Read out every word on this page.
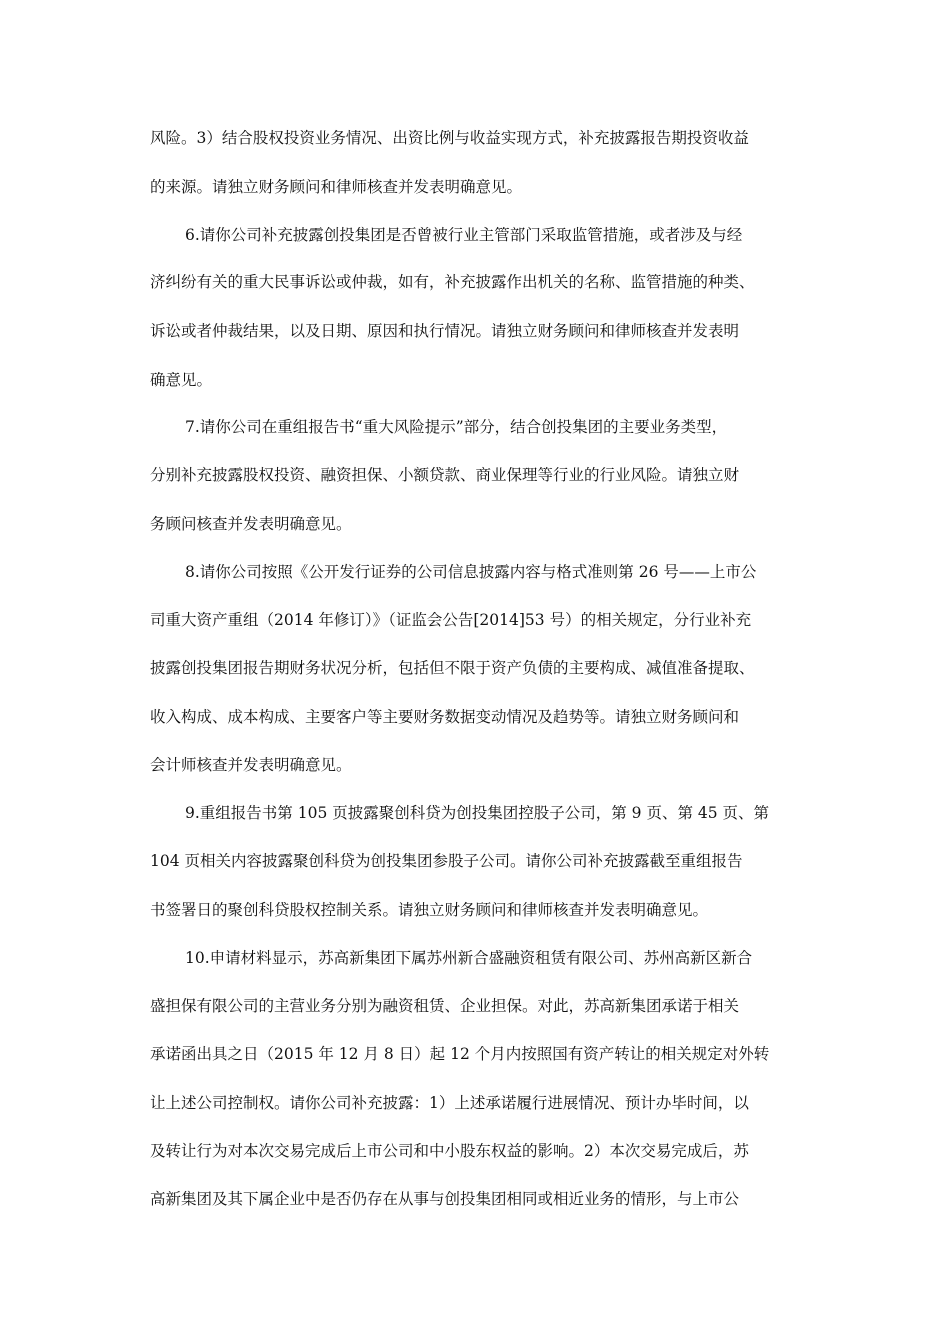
风险。3）结合股权投资业务情况、出资比例与收益实现方式，补充披露报告期投资收益
的来源。请独立财务顾问和律师核查并发表明确意见。
6.请你公司补充披露创投集团是否曾被行业主管部门采取监管措施，或者涉及与经
济纠纷有关的重大民事诉讼或仲裁，如有，补充披露作出机关的名称、监管措施的种类、
诉讼或者仲裁结果，以及日期、原因和执行情况。请独立财务顾问和律师核查并发表明
确意见。
7.请你公司在重组报告书“重大风险提示”部分，结合创投集团的主要业务类型，
分别补充披露股权投资、融资担保、小额贷款、商业保理等行业的行业风险。请独立财
务顾问核查并发表明确意见。
8.请你公司按照《公开发行证券的公司信息披露内容与格式准则第 26 号——上市公
司重大资产重组（2014 年修订）》（证监会公告[2014]53 号）的相关规定，分行业补充
披露创投集团报告期财务状况分析，包括但不限于资产负债的主要构成、减值准备提取、
收入构成、成本构成、主要客户等主要财务数据变动情况及趋势等。请独立财务顾问和
会计师核查并发表明确意见。
9.重组报告书第 105 页披露聚创科贷为创投集团控股子公司，第 9 页、第 45 页、第
104 页相关内容披露聚创科贷为创投集团参股子公司。请你公司补充披露截至重组报告
书签署日的聚创科贷股权控制关系。请独立财务顾问和律师核查并发表明确意见。
10.申请材料显示，苏高新集团下属苏州新合盛融资租赁有限公司、苏州高新区新合
盛担保有限公司的主营业务分别为融资租赁、企业担保。对此，苏高新集团承诺于相关
承诺函出具之日（2015 年 12 月 8 日）起 12 个月内按照国有资产转让的相关规定对外转
让上述公司控制权。请你公司补充披露：1）上述承诺履行进展情况、预计办毕时间，以
及转让行为对本次交易完成后上市公司和中小股东权益的影响。2）本次交易完成后，苏
高新集团及其下属企业中是否仍存在从事与创投集团相同或相近业务的情形，与上市公
